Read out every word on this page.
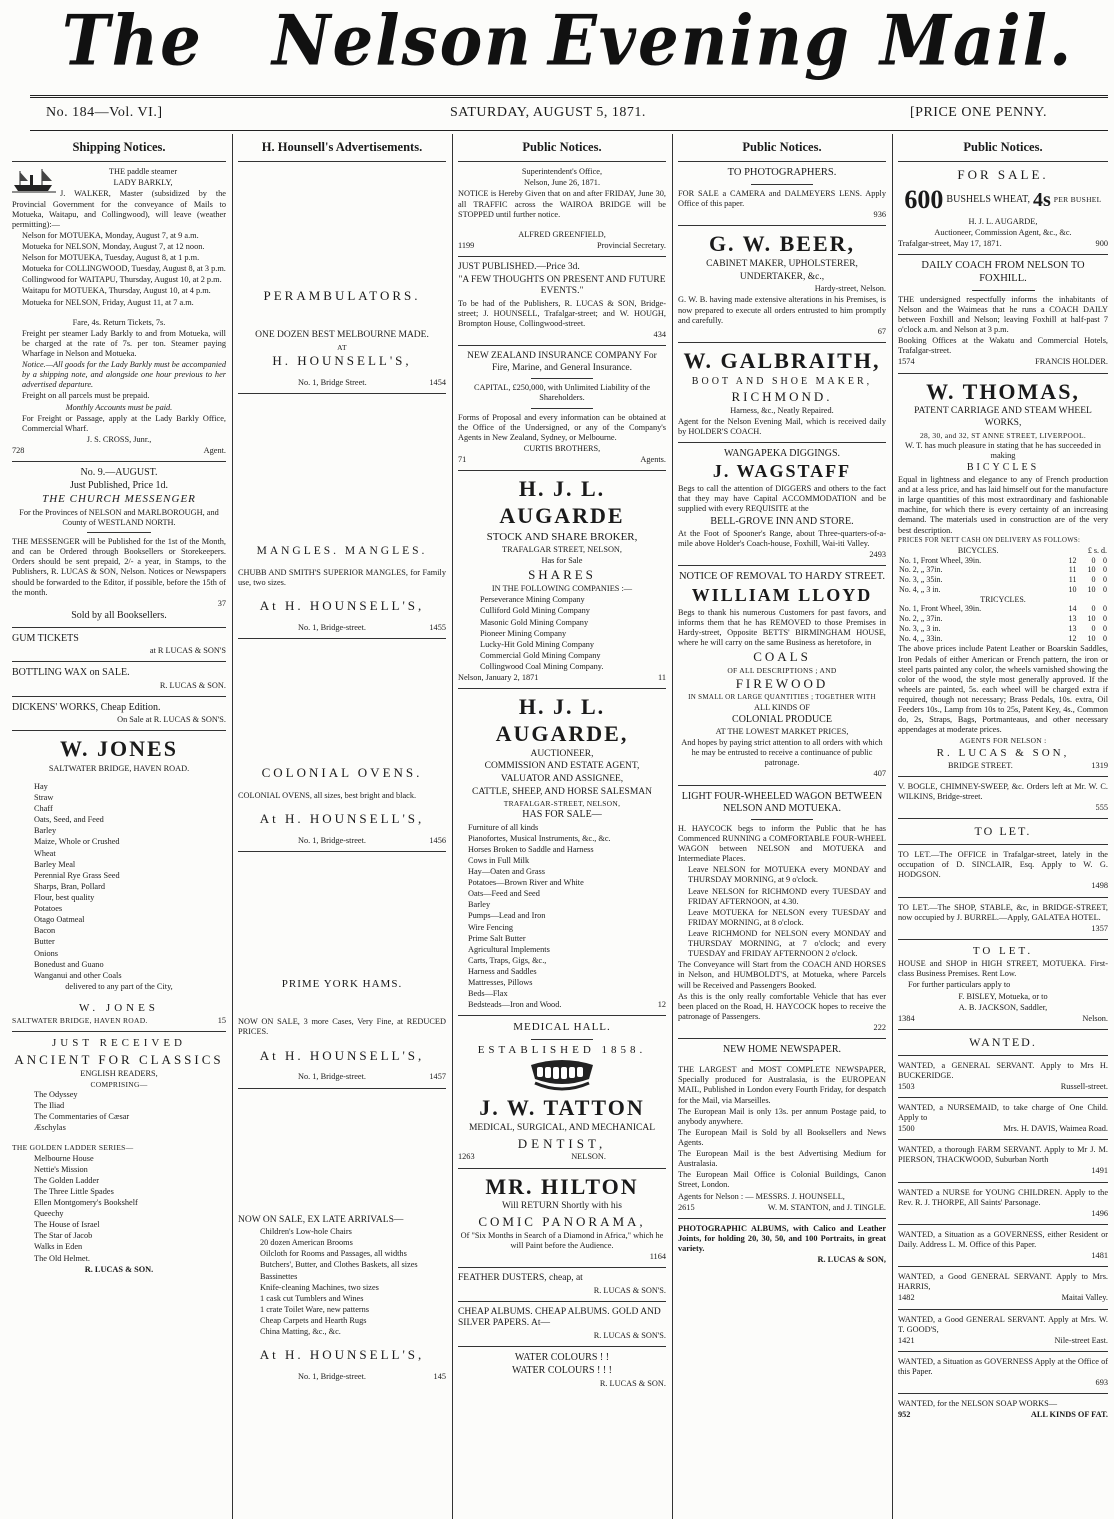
The Nelson Evening Mail.
No. 184—Vol. VI.]	SATURDAY, AUGUST 5, 1871.	[PRICE ONE PENNY.
Shipping Notices.

THE paddle steamer

LADY BARKLY,

J. WALKER, Master (subsidized by the Provincial Government for the conveyance of Mails to Motueka, Waitapu, and Collingwood), will leave (weather permitting):—

Nelson for MOTUEKA, Monday, August 7, at 9 a.m.

Motueka for NELSON, Monday, August 7, at 12 noon.

Nelson for MOTUEKA, Tuesday, August 8, at 1 p.m.

Motueka for COLLINGWOOD, Tuesday, August 8, at 3 p.m.

Collingwood for WAITAPU, Thursday, August 10, at 2 p.m.

Waitapu for MOTUEKA, Thursday, August 10, at 4 p.m.

Motueka for NELSON, Friday, August 11, at 7 a.m.

Fare, 4s. Return Tickets, 7s.

Freight per steamer Lady Barkly to and from Motueka, will be charged at the rate of 7s. per ton. Steamer paying Wharfage in Nelson and Motueka.

Notice.—All goods for the Lady Barkly must be accompanied by a shipping note, and alongside one hour previous to her advertised departure.

Freight on all parcels must be prepaid.

Monthly Accounts must be paid.

For Freight or Passage, apply at the Lady Barkly Office, Commercial Wharf.

J. S. CROSS, Junr.,

728	Agent.

No. 9.—AUGUST.

Just Published, Price 1d.

THE CHURCH MESSENGER

For the Provinces of NELSON and MARLBOROUGH, and County of WESTLAND NORTH.

THE MESSENGER will be Published for the 1st of the Month, and can be Ordered through Booksellers or Storekeepers. Orders should be sent prepaid, 2/- a year, in Stamps, to the Publishers, R. LUCAS & SON, Nelson. Notices or Newspapers should be forwarded to the Editor, if possible, before the 15th of the month.

37

Sold by all Booksellers.

GUM TICKETS

at R LUCAS & SON'S

BOTTLING WAX on SALE.

R. LUCAS & SON.

DICKENS' WORKS, Cheap Edition.

On Sale at R. LUCAS & SON'S.

W. JONES

SALTWATER BRIDGE, HAVEN ROAD.

Hay

Straw

Chaff

Oats, Seed, and Feed

Barley

Maize, Whole or Crushed

Wheat

Barley Meal

Perennial Rye Grass Seed

Sharps, Bran, Pollard

Flour, best quality

Potatoes

Otago Oatmeal

Bacon

Butter

Onions

Bonedust and Guano

Wanganui and other Coals

delivered to any part of the City,

W. JONES

SALTWATER BRIDGE, HAVEN ROAD.	15

JUST RECEIVED

ANCIENT FOR CLASSICS

ENGLISH READERS,

COMPRISING—

The Odyssey

The Iliad

The Commentaries of Cæsar

Æschylas

THE GOLDEN LADDER SERIES—

Melbourne House

Nettie's Mission

The Golden Ladder

The Three Little Spades

Ellen Montgomery's Bookshelf

Queechy

The House of Israel

The Star of Jacob

Walks in Eden

The Old Helmet.

R. LUCAS & SON.

H. Hounsell's Advertisements.

PERAMBULATORS.

ONE DOZEN BEST MELBOURNE MADE.

AT

H. HOUNSELL'S,

No. 1, Bridge Street.	1454

MANGLES. MANGLES.

CHUBB AND SMITH'S SUPERIOR MANGLES, for Family use, two sizes.

At H. HOUNSELL'S,

No. 1, Bridge-street.	1455

COLONIAL OVENS.

COLONIAL OVENS, all sizes, best bright and black.

At H. HOUNSELL'S,

No. 1, Bridge-street.	1456

PRIME YORK HAMS.

NOW ON SALE, 3 more Cases, Very Fine, at REDUCED PRICES.

At H. HOUNSELL'S,

No. 1, Bridge-street.	1457

NOW ON SALE, EX LATE ARRIVALS—

Children's Low-hole Chairs

20 dozen American Brooms

Oilcloth for Rooms and Passages, all widths

Butchers', Butter, and Clothes Baskets, all sizes

Bassinettes

Knife-cleaning Machines, two sizes

1 cask cut Tumblers and Wines

1 crate Toilet Ware, new patterns

Cheap Carpets and Hearth Rugs

China Matting, &c., &c.

At H. HOUNSELL'S,

No. 1, Bridge-street.	145
Public Notices.

Superintendent's Office,

Nelson, June 26, 1871.

NOTICE is Hereby Given that on and after FRIDAY, June 30, all TRAFFIC across the WAIROA BRIDGE will be STOPPED until further notice.

ALFRED GREENFIELD,

1199	Provincial Secretary.

JUST PUBLISHED.—Price 3d.

"A FEW THOUGHTS ON PRESENT AND FUTURE EVENTS."

To be had of the Publishers, R. LUCAS & SON, Bridge-street; J. HOUNSELL, Trafalgar-street; and W. HOUGH, Brompton House, Collingwood-street.

434

NEW ZEALAND INSURANCE COMPANY For Fire, Marine, and General Insurance.

CAPITAL, £250,000, with Unlimited Liability of the Shareholders.

Forms of Proposal and every information can be obtained at the Office of the Undersigned, or any of the Company's Agents in New Zealand, Sydney, or Melbourne.

CURTIS BROTHERS,

71	Agents.

H. J. L. AUGARDE

STOCK AND SHARE BROKER,

TRAFALGAR STREET, NELSON,

Has for Sale

SHARES

IN THE FOLLOWING COMPANIES :—

Perseverance Mining Company

Culliford Gold Mining Company

Masonic Gold Mining Company

Pioneer Mining Company

Lucky-Hit Gold Mining Company

Commercial Gold Mining Company

Collingwood Coal Mining Company.

Nelson, January 2, 1871	11

H. J. L. AUGARDE,

AUCTIONEER,

COMMISSION AND ESTATE AGENT,

VALUATOR AND ASSIGNEE,

CATTLE, SHEEP, AND HORSE SALESMAN

TRAFALGAR-STREET, NELSON,

HAS FOR SALE—

Furniture of all kinds

Pianofortes, Musical Instruments, &c., &c.

Horses Broken to Saddle and Harness

Cows in Full Milk

Hay—Oaten and Grass

Potatoes—Brown River and White

Oats—Feed and Seed

Barley

Pumps—Lead and Iron

Wire Fencing

Prime Salt Butter

Agricultural Implements

Carts, Traps, Gigs, &c.,

Harness and Saddles

Mattresses, Pillows

Beds—Flax

Bedsteads—Iron and Wood.	12

MEDICAL HALL.

ESTABLISHED 1858.

J. W. TATTON

MEDICAL, SURGICAL, AND MECHANICAL

DENTIST,

1263	NELSON.

MR. HILTON

Will RETURN Shortly with his

COMIC PANORAMA,

Of "Six Months in Search of a Diamond in Africa," which he will Paint before the Audience.

1164

FEATHER DUSTERS, cheap, at

R. LUCAS & SON'S.

CHEAP ALBUMS. CHEAP ALBUMS. GOLD AND SILVER PAPERS. At—

R. LUCAS & SON'S.

WATER COLOURS ! !

WATER COLOURS ! ! !

R. LUCAS & SON.

Public Notices.

TO PHOTOGRAPHERS.

FOR SALE a CAMERA and DALMEYERS LENS. Apply Office of this paper.

936

G. W. BEER,

CABINET MAKER, UPHOLSTERER,

UNDERTAKER, &c.,

Hardy-street, Nelson.

G. W. B. having made extensive alterations in his Premises, is now prepared to execute all orders entrusted to him promptly and carefully.

67

W. GALBRAITH,

BOOT AND SHOE MAKER,

RICHMOND.

Harness, &c., Neatly Repaired.

Agent for the Nelson Evening Mail, which is received daily by HOLDER'S COACH.

WANGAPEKA DIGGINGS.

J. WAGSTAFF

Begs to call the attention of DIGGERS and others to the fact that they may have Capital ACCOMMODATION and be supplied with every REQUISITE at the

BELL-GROVE INN AND STORE.

At the Foot of Spooner's Range, about Three-quarters-of-a-mile above Holder's Coach-house, Foxhill, Wai-iti Valley.

2493

NOTICE OF REMOVAL TO HARDY STREET.

WILLIAM LLOYD

Begs to thank his numerous Customers for past favors, and informs them that he has REMOVED to those Premises in Hardy-street, Opposite BETTS' BIRMINGHAM HOUSE, where he will carry on the same Business as heretofore, in

COALS

OF ALL DESCRIPTIONS ; AND

FIREWOOD

IN SMALL OR LARGE QUANTITIES ; TOGETHER WITH

ALL KINDS OF

COLONIAL PRODUCE

AT THE LOWEST MARKET PRICES,

And hopes by paying strict attention to all orders with which he may be entrusted to receive a continuance of public patronage.

407

LIGHT FOUR-WHEELED WAGON BETWEEN NELSON AND MOTUEKA.

H. HAYCOCK begs to inform the Public that he has Commenced RUNNING a COMFORTABLE FOUR-WHEEL WAGON between NELSON and MOTUEKA and Intermediate Places.

Leave NELSON for MOTUEKA every MONDAY and THURSDAY MORNING, at 9 o'clock.

Leave NELSON for RICHMOND every TUESDAY and FRIDAY AFTERNOON, at 4.30.

Leave MOTUEKA for NELSON every TUESDAY and FRIDAY MORNING, at 8 o'clock.

Leave RICHMOND for NELSON every MONDAY and THURSDAY MORNING, at 7 o'clock; and every TUESDAY and FRIDAY AFTERNOON 2 o'clock.

The Conveyance will Start from the COACH AND HORSES in Nelson, and HUMBOLDT'S, at Motueka, where Parcels will be Received and Passengers Booked.

As this is the only really comfortable Vehicle that has ever been placed on the Road, H. HAYCOCK hopes to receive the patronage of Passengers.

222

NEW HOME NEWSPAPER.

THE LARGEST and MOST COMPLETE NEWSPAPER, Specially produced for Australasia, is the EUROPEAN MAIL, Published in London every Fourth Friday, for despatch for the Mail, via Marseilles.

The European Mail is only 13s. per annum Postage paid, to anybody anywhere.

The European Mail is Sold by all Booksellers and News Agents.

The European Mail is the best Advertising Medium for Australasia.

The European Mail Office is Colonial Buildings, Canon Street, London.

Agents for Nelson : — MESSRS. J. HOUNSELL,

2615	W. M. STANTON, and J. TINGLE.

PHOTOGRAPHIC ALBUMS, with Calico and Leather Joints, for holding 20, 30, 50, and 100 Portraits, in great variety.

R. LUCAS & SON,

Public Notices.

FOR SALE.

600 BUSHELS WHEAT, 4s PER BUSHEL

H. J. L. AUGARDE,

Auctioneer, Commission Agent, &c., &c.

Trafalgar-street, May 17, 1871.	900

DAILY COACH FROM NELSON TO FOXHILL.

THE undersigned respectfully informs the inhabitants of Nelson and the Waimeas that he runs a COACH DAILY between Foxhill and Nelson; leaving Foxhill at half-past 7 o'clock a.m. and Nelson at 3 p.m.

Booking Offices at the Wakatu and Commercial Hotels, Trafalgar-street.

1574	FRANCIS HOLDER.

W. THOMAS,

PATENT CARRIAGE AND STEAM WHEEL WORKS,

28, 30, and 32, ST ANNE STREET, LIVERPOOL.

W. T. has much pleasure in stating that he has succeeded in making

BICYCLES

Equal in lightness and elegance to any of French production and at a less price, and has laid himself out for the manufacture in large quantities of this most extraordinary and fashionable machine, for which there is every certainty of an increasing demand. The materials used in construction are of the very best description.

PRICES FOR NETT CASH ON DELIVERY AS FOLLOWS:

BICYCLES.	£ s. d.		
No. 1, Front Wheel, 39in.	12	0	0
No. 2, „ 37in.	11	10	0
No. 3, „ 35in.	11	0	0
No. 4, „ 3 in.	10	10	0
TRICYCLES.			
No. 1, Front Wheel, 39in.	14	0	0
No. 2, „ 37in.	13	10	0
No. 3, „ 3 in.	13	0	0
No. 4, „ 33in.	12	10	0

The above prices include Patent Leather or Boarskin Saddles, Iron Pedals of either American or French pattern, the iron or steel parts painted any color, the wheels varnished showing the color of the wood, the style most generally approved. If the wheels are painted, 5s. each wheel will be charged extra if required, though not necessary; Brass Pedals, 10s. extra, Oil Feeders 10s., Lamp from 10s to 25s, Patent Key, 4s., Common do, 2s, Straps, Bags, Portmanteaus, and other necessary appendages at moderate prices.

AGENTS FOR NELSON :

R. LUCAS & SON,

BRIDGE STREET.	1319

V. BOGLE, CHIMNEY-SWEEP, &c. Orders left at Mr. W. C. WILKINS, Bridge-street.

555

TO LET.

TO LET.—The OFFICE in Trafalgar-street, lately in the occupation of D. SINCLAIR, Esq. Apply to W. G. HODGSON.

1498

TO LET.—The SHOP, STABLE, &c, in BRIDGE-STREET, now occupied by J. BURREL.—Apply, GALATEA HOTEL.

1357

TO LET.

HOUSE and SHOP in HIGH STREET, MOTUEKA. First-class Business Premises. Rent Low.

For further particulars apply to

F. BISLEY, Motueka, or to

A. B. JACKSON, Saddler,

1384	Nelson.

WANTED.

WANTED, a GENERAL SERVANT. Apply to Mrs H. BUCKERIDGE.

1503	Russell-street.

WANTED, a NURSEMAID, to take charge of One Child. Apply to

1500	Mrs. H. DAVIS, Waimea Road.

WANTED, a thorough FARM SERVANT. Apply to Mr J. M. PIERSON, THACKWOOD, Suburban North

1491

WANTED a NURSE for YOUNG CHILDREN. Apply to the Rev. R. J. THORPE, All Saints' Parsonage.

1496

WANTED, a Situation as a GOVERNESS, either Resident or Daily. Address L. M. Office of this Paper.

1481

WANTED, a Good GENERAL SERVANT. Apply to Mrs. HARRIS,

1482	Maitai Valley.

WANTED, a Good GENERAL SERVANT. Apply at Mrs. W. T. GOOD'S,

1421	Nile-street East.

WANTED, a Situation as GOVERNESS Apply at the Office of this Paper.

693

WANTED, for the NELSON SOAP WORKS—

952	ALL KINDS OF FAT.
